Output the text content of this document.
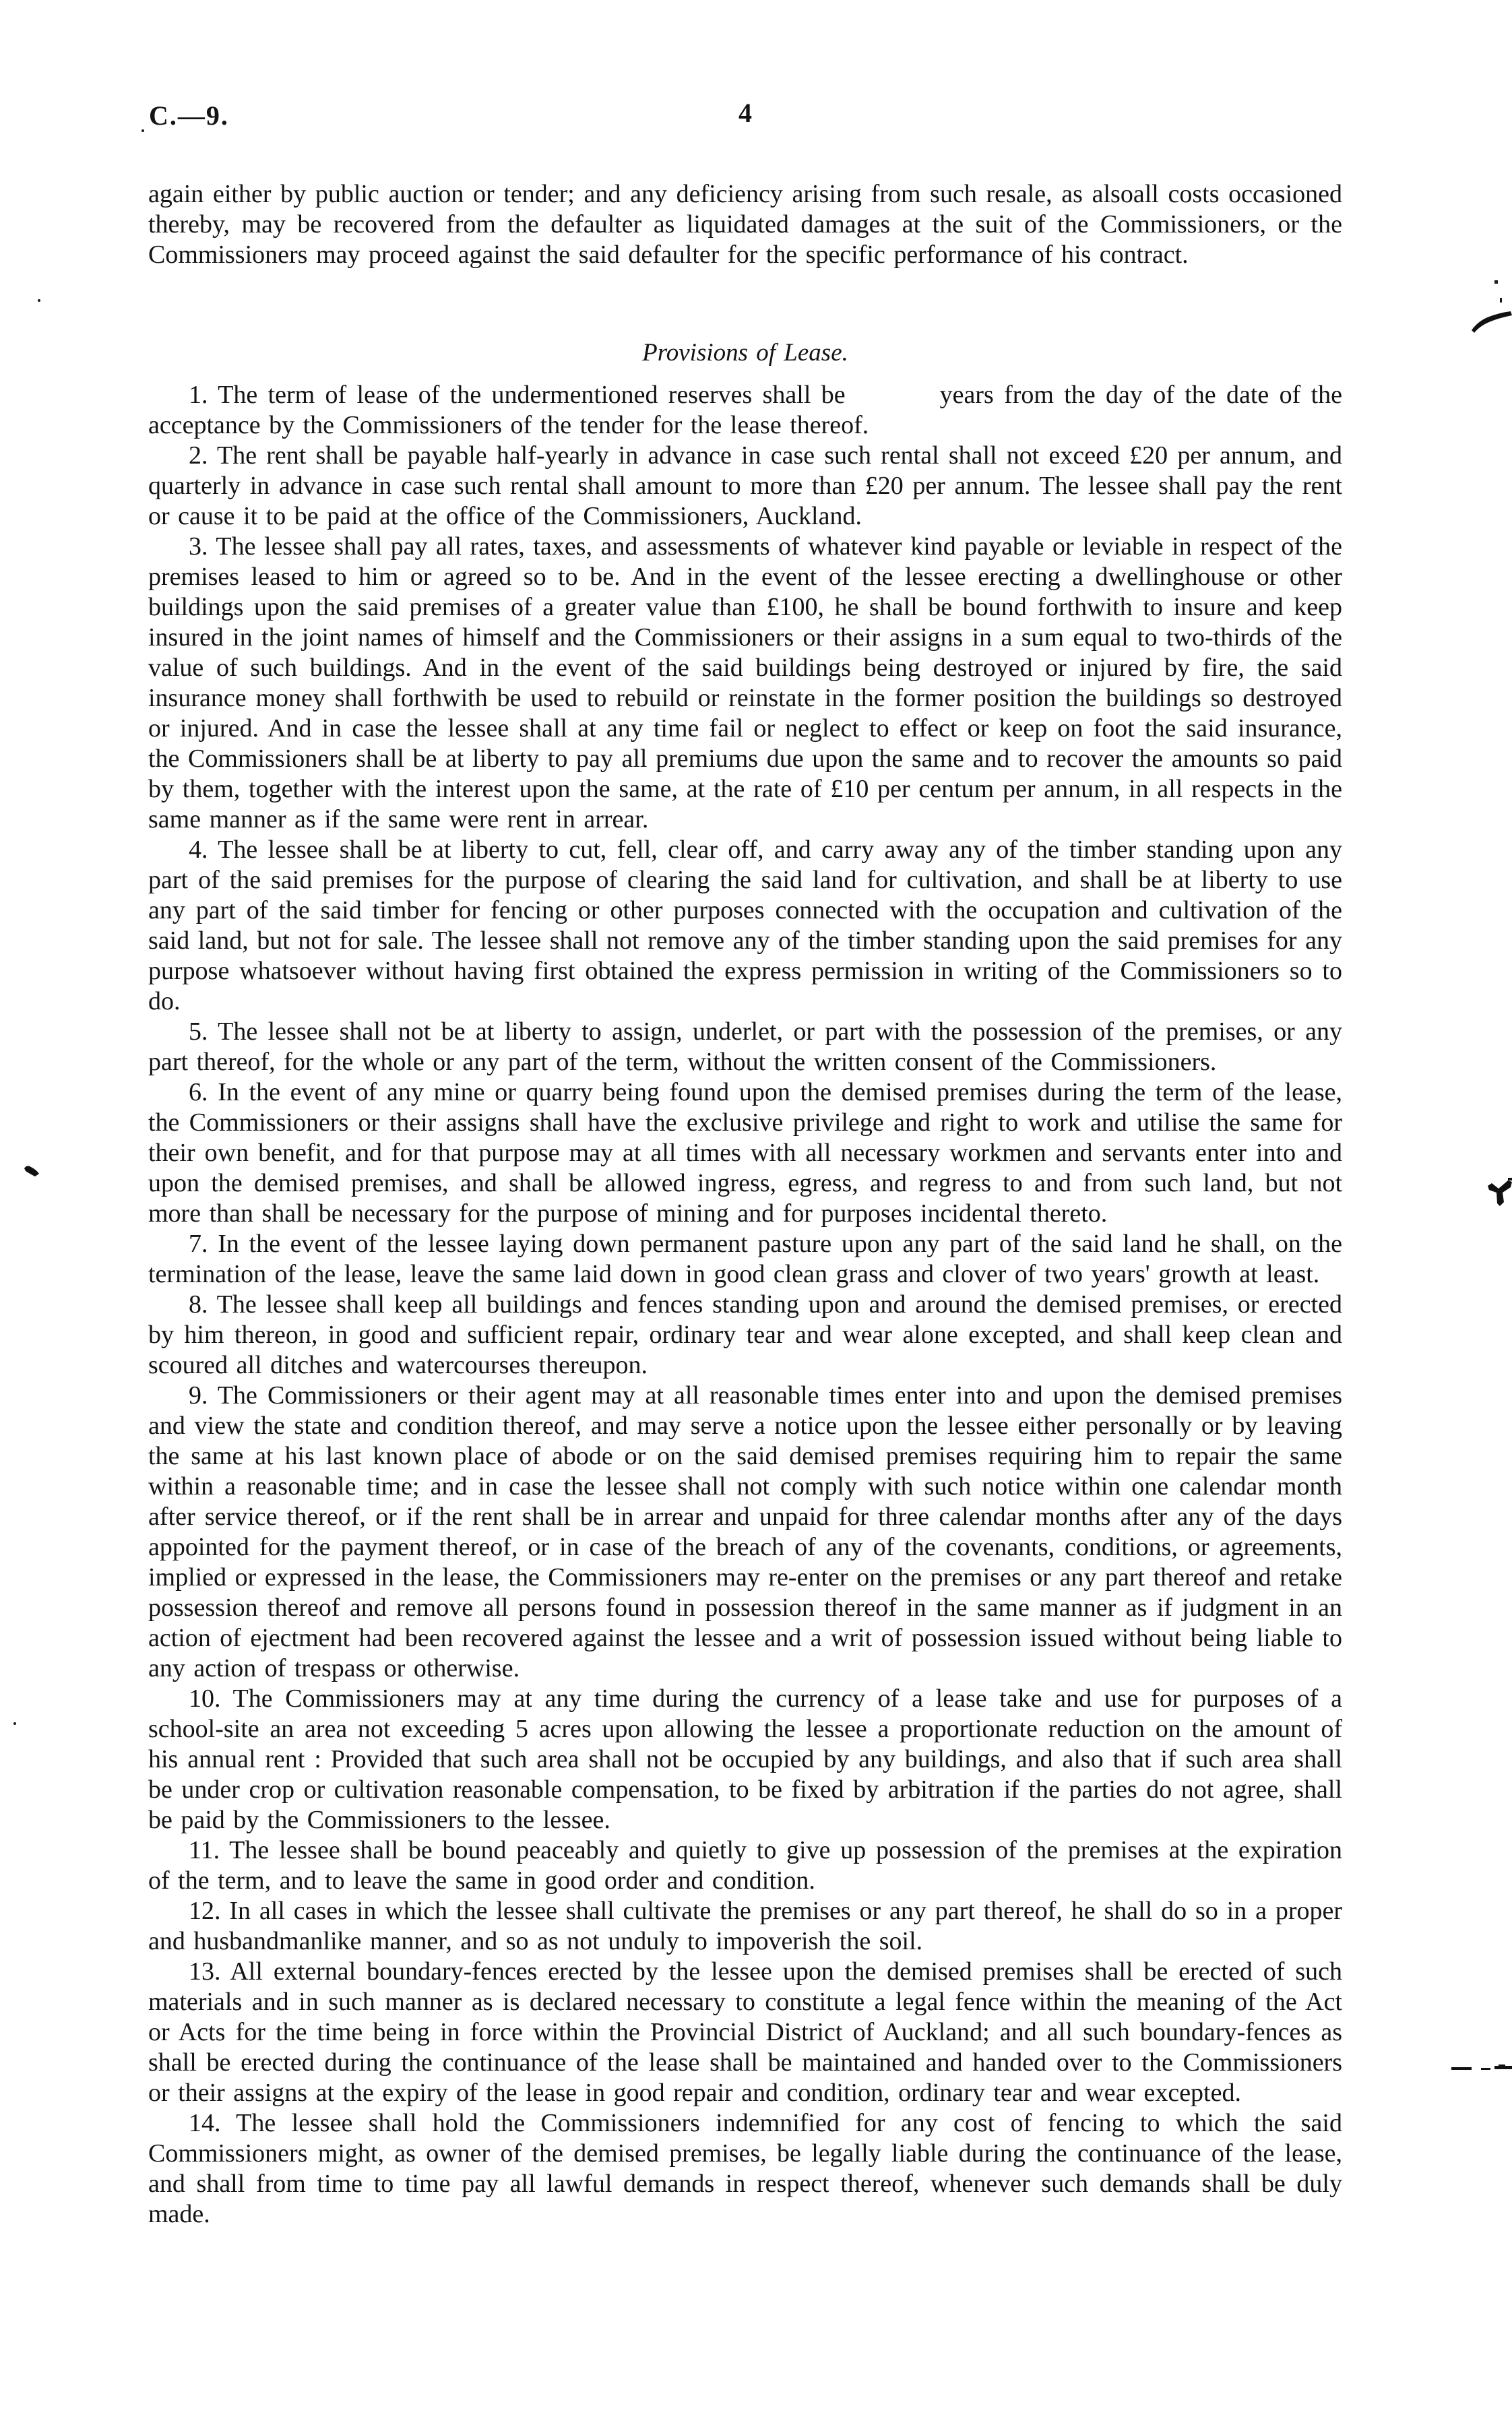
C.—9.	4

again either by public auction or tender; and any deficiency arising from such resale, as alsoall costs occasioned thereby, may be recovered from the defaulter as liquidated damages at the suit of the Commissioners, or the Commissioners may proceed against the said defaulter for the specific performance of his contract.

Provisions of Lease.

1. The term of lease of the undermentioned reserves shall be	years from the day of the date of the acceptance by the Commissioners of the tender for the lease thereof.

2. The rent shall be payable half-yearly in advance in case such rental shall not exceed £20 per annum, and quarterly in advance in case such rental shall amount to more than £20 per annum. The lessee shall pay the rent or cause it to be paid at the office of the Commissioners, Auckland.

3. The lessee shall pay all rates, taxes, and assessments of whatever kind payable or leviable in respect of the premises leased to him or agreed so to be. And in the event of the lessee erecting a dwellinghouse or other buildings upon the said premises of a greater value than £100, he shall be bound forthwith to insure and keep insured in the joint names of himself and the Commissioners or their assigns in a sum equal to two-thirds of the value of such buildings. And in the event of the said buildings being destroyed or injured by fire, the said insurance money shall forthwith be used to rebuild or reinstate in the former position the buildings so destroyed or injured. And in case the lessee shall at any time fail or neglect to effect or keep on foot the said insurance, the Commissioners shall be at liberty to pay all premiums due upon the same and to recover the amounts so paid by them, together with the interest upon the same, at the rate of £10 per centum per annum, in all respects in the same manner as if the same were rent in arrear.

4. The lessee shall be at liberty to cut, fell, clear off, and carry away any of the timber standing upon any part of the said premises for the purpose of clearing the said land for cultivation, and shall be at liberty to use any part of the said timber for fencing or other purposes connected with the occupation and cultivation of the said land, but not for sale. The lessee shall not remove any of the timber standing upon the said premises for any purpose whatsoever without having first obtained the express permission in writing of the Commissioners so to do.

5. The lessee shall not be at liberty to assign, underlet, or part with the possession of the premises, or any part thereof, for the whole or any part of the term, without the written consent of the Commissioners.

6. In the event of any mine or quarry being found upon the demised premises during the term of the lease, the Commissioners or their assigns shall have the exclusive privilege and right to work and utilise the same for their own benefit, and for that purpose may at all times with all necessary workmen and servants enter into and upon the demised premises, and shall be allowed ingress, egress, and regress to and from such land, but not more than shall be necessary for the purpose of mining and for purposes incidental thereto.

7. In the event of the lessee laying down permanent pasture upon any part of the said land he shall, on the termination of the lease, leave the same laid down in good clean grass and clover of two years' growth at least.

8. The lessee shall keep all buildings and fences standing upon and around the demised premises, or erected by him thereon, in good and sufficient repair, ordinary tear and wear alone excepted, and shall keep clean and scoured all ditches and watercourses thereupon.

9. The Commissioners or their agent may at all reasonable times enter into and upon the demised premises and view the state and condition thereof, and may serve a notice upon the lessee either personally or by leaving the same at his last known place of abode or on the said demised premises requiring him to repair the same within a reasonable time; and in case the lessee shall not comply with such notice within one calendar month after service thereof, or if the rent shall be in arrear and unpaid for three calendar months after any of the days appointed for the payment thereof, or in case of the breach of any of the covenants, conditions, or agreements, implied or expressed in the lease, the Commissioners may re-enter on the premises or any part thereof and retake possession thereof and remove all persons found in possession thereof in the same manner as if judgment in an action of ejectment had been recovered against the lessee and a writ of possession issued without being liable to any action of trespass or otherwise.

10. The Commissioners may at any time during the currency of a lease take and use for purposes of a school-site an area not exceeding 5 acres upon allowing the lessee a proportionate reduction on the amount of his annual rent : Provided that such area shall not be occupied by any buildings, and also that if such area shall be under crop or cultivation reasonable compensation, to be fixed by arbitration if the parties do not agree, shall be paid by the Commissioners to the lessee.

11. The lessee shall be bound peaceably and quietly to give up possession of the premises at the expiration of the term, and to leave the same in good order and condition.

12. In all cases in which the lessee shall cultivate the premises or any part thereof, he shall do so in a proper and husbandmanlike manner, and so as not unduly to impoverish the soil.

13. All external boundary-fences erected by the lessee upon the demised premises shall be erected of such materials and in such manner as is declared necessary to constitute a legal fence within the meaning of the Act or Acts for the time being in force within the Provincial District of Auckland; and all such boundary-fences as shall be erected during the continuance of the lease shall be maintained and handed over to the Commissioners or their assigns at the expiry of the lease in good repair and condition, ordinary tear and wear excepted.

14. The lessee shall hold the Commissioners indemnified for any cost of fencing to which the said Commissioners might, as owner of the demised premises, be legally liable during the continuance of the lease, and shall from time to time pay all lawful demands in respect thereof, whenever such demands shall be duly made.
